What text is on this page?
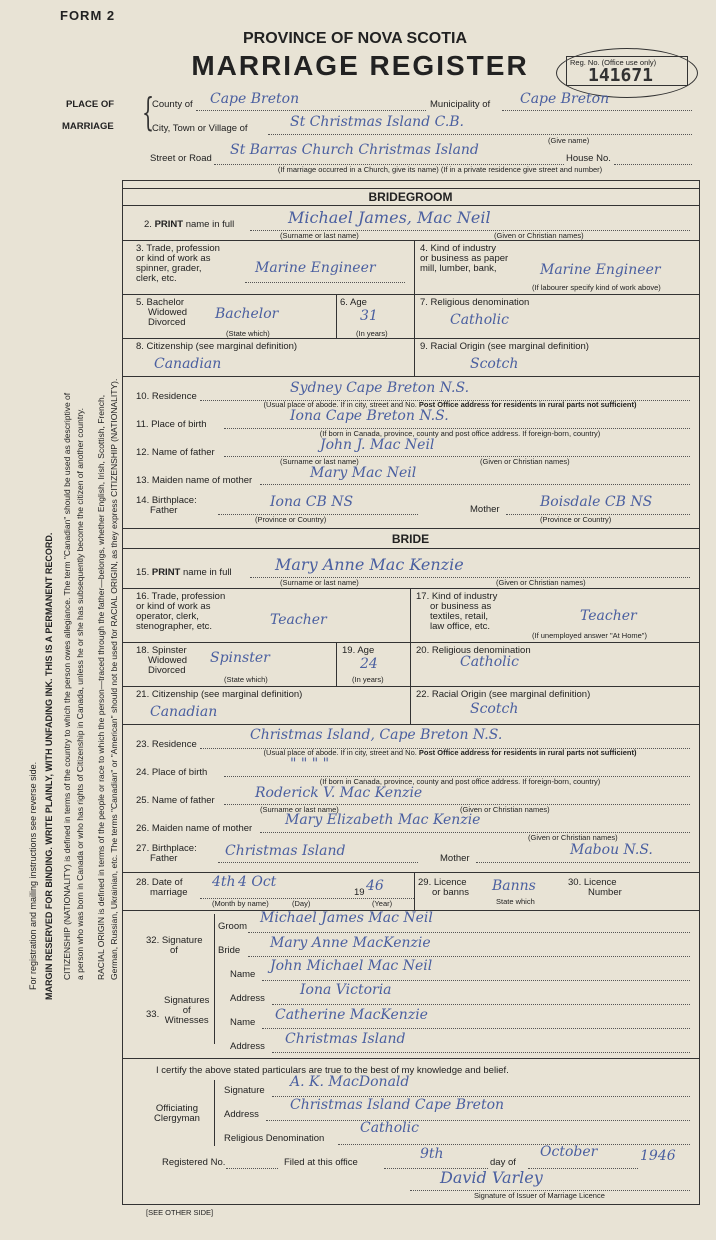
FORM 2
PROVINCE OF NOVA SCOTIA
MARRIAGE REGISTER	Reg. No. (Office use only)
141671
PLACE OF
MARRIAGE {
County of Cape Breton	Municipality of Cape Breton
City, Town or Village of	St Christmas Island C.B.
(Give name)
Street or Road
St Barras Church Christmas Island
House No.
(If marriage occurred in a Church, give its name) (If in a private residence give street and number)
BRIDEGROOM
2. PRINT name in full	Michael James, Mac Neil
(Surname or last name)	(Given or Christian names)
3. Trade, profession
or kind of work as
spinner, grader,
clerk, etc.
Marine Engineer
4. Kind of industry
or business as paper
mill, lumber, bank,	Marine Engineer
(If labourer specify kind of work above)
5. Bachelor
Widowed
Divorced
Bachelor
(State which)
6. Age
31
(In years)
7. Religious denomination
Catholic
8. Citizenship (see marginal definition)
Canadian
9. Racial Origin (see marginal definition)
Scotch
10. Residence
Sydney Cape Breton N.S.
(Usual place of abode. If in city, street and No. Post Office address for residents in rural parts not sufficient)
11. Place of birth
Iona Cape Breton N.S.
(If born in Canada, province, county and post office address. If foreign-born, country)
12. Name of father	John J. Mac Neil
(Surname or last name)	(Given or Christian names)
13. Maiden name of mother	Mary Mac Neil
14. Birthplace:
Father
Iona CB NS
(Province or Country)
Mother	Boisdale CB NS
(Province or Country)
BRIDE
15. PRINT name in full	Mary Anne Mac Kenzie
(Surname or last name)	(Given or Christian names)
16. Trade, profession
or kind of work as
operator, clerk,
stenographer, etc.	Teacher
17. Kind of industry
or business as
textiles, retail,
law office, etc.
Teacher
(If unemployed answer "At Home")
18. Spinster
Widowed
Divorced
Spinster
(State which)
19. Age
24
(In years)
20. Religious denomination
Catholic
21. Citizenship (see marginal definition)
Canadian
22. Racial Origin (see marginal definition)
Scotch
23. Residence
Christmas Island, Cape Breton N.S.
(Usual place of abode. If in city, street and No. Post Office address for residents in rural parts not sufficient)
24. Place of birth
" " " "
(If born in Canada, province, county and post office address. If foreign-born, country)
25. Name of father	Roderick V. Mac Kenzie
(Surname or last name)	(Given or Christian names)
26. Maiden name of mother
Mary Elizabeth Mac Kenzie
(Given or Christian names)
27. Birthplace:
Father	Christmas Island	Mother
Mabou N.S.
28. Date of
marriage
4th 4 Oct
19 46
(Month by name)	(Day)	(Year)
29. Licence
or banns Banns
State which
30. Licence
Number
32. Signature
of
Groom
Michael James Mac Neil
Bride Mary Anne MacKenzie
33.
Signatures
of
Witnesses
Name
John Michael Mac Neil
Address
Iona Victoria
Name Catherine MacKenzie
Address Christmas Island
I certify the above stated particulars are true to the best of my knowledge and belief.
Officiating
Clergyman
Signature
A. K. MacDonald
Address
Christmas Island Cape Breton
Religious Denomination
Catholic
Registered No.	Filed at this office
9th
day of
October	1946
David Varley
Signature of Issuer of Marriage Licence
[SEE OTHER SIDE]
For registration and mailing instructions see reverse side. MARGIN RESERVED FOR BINDING. WRITE PLAINLY, WITH UNFADING INK. THIS IS A PERMANENT RECORD. CITIZENSHIP (NATIONALITY) is defined in terms of the country to which the person owes allegiance. The term "Canadian" should be used as descriptive of a person who was born in Canada or who has rights of Citizenship in Canada, unless he or she has subsequently become the citizen of another country. RACIAL ORIGIN is defined in terms of the people or race to which the person—traced through the father—belongs, whether English, Irish, Scottish, French, German, Russian, Ukrainian, etc. The terms "Canadian" or "American" should not be used for RACIAL ORIGIN, as they express CITIZENSHIP (NATIONALITY).
